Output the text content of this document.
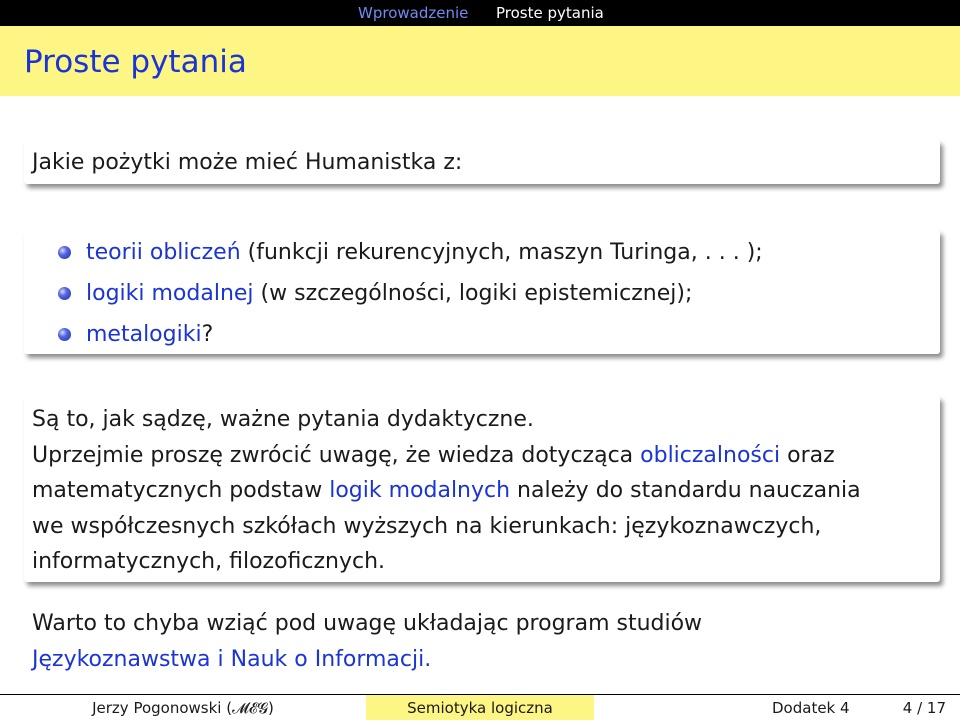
Wprowadzenie	Proste pytania
Proste pytania
Jakie pożytki może mieć Humanistka z:
teorii obliczeń (funkcji rekurencyjnych, maszyn Turinga, . . . );
logiki modalnej (w szczególności, logiki epistemicznej);
metalogiki?
Są to, jak sądzę, ważne pytania dydaktyczne.
Uprzejmie proszę zwrócić uwagę, że wiedza dotycząca obliczalności oraz
matematycznych podstaw logik modalnych należy do standardu nauczania
we współczesnych szkółach wyższych na kierunkach: językoznawczych,
informatycznych, filozoficznych.
Warto to chyba wziąć pod uwagę układając program studiów
Językoznawstwa i Nauk o Informacji.
Jerzy Pogonowski (𝓜𝓔𝓖)	Semiotyka logiczna	Dodatek 4	4 / 17
